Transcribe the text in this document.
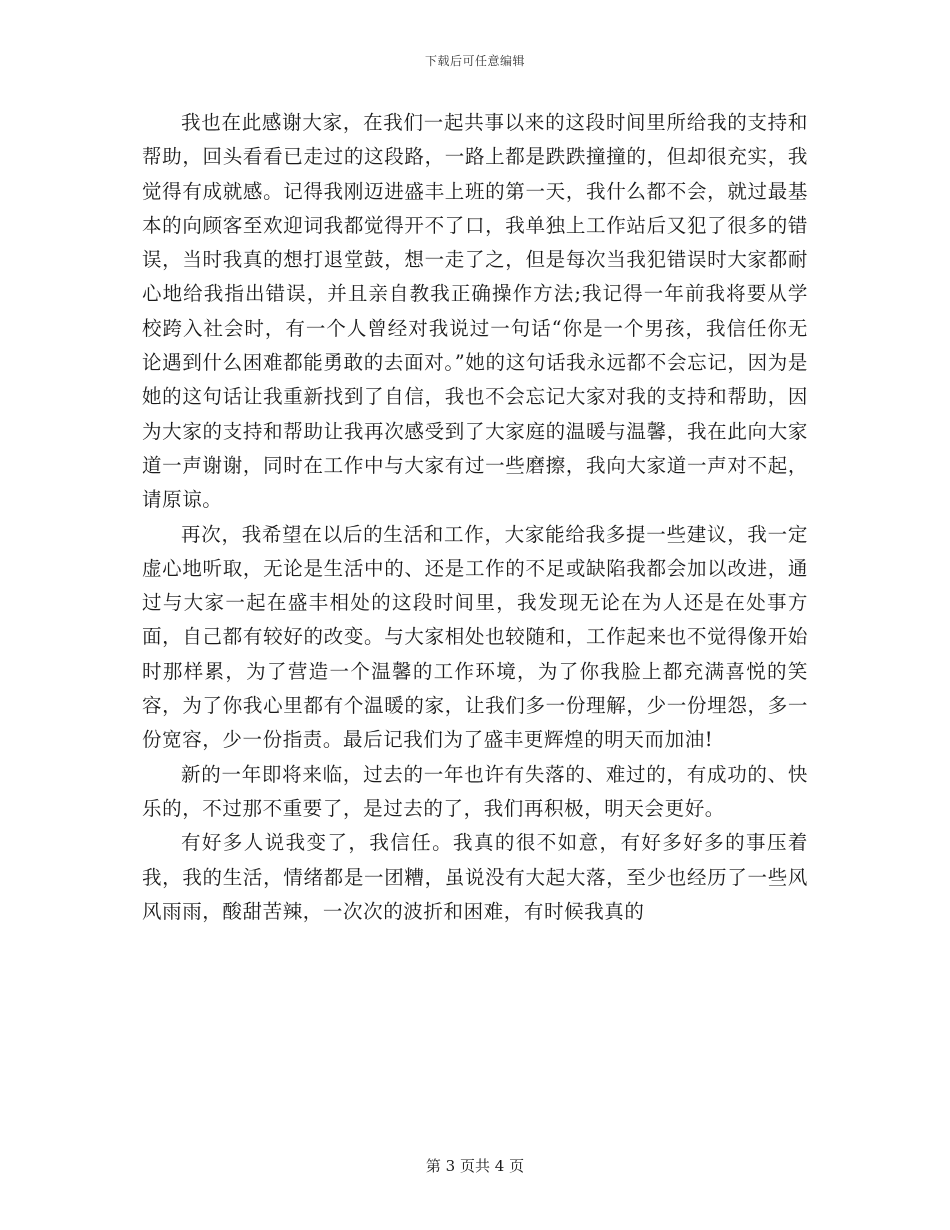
下载后可任意编辑

我也在此感谢大家，在我们一起共事以来的这段时间里所给我的支持和帮助，回头看看已走过的这段路，一路上都是跌跌撞撞的，但却很充实，我觉得有成就感。记得我刚迈进盛丰上班的第一天，我什么都不会，就过最基本的向顾客至欢迎词我都觉得开不了口，我单独上工作站后又犯了很多的错误，当时我真的想打退堂鼓，想一走了之，但是每次当我犯错误时大家都耐心地给我指出错误，并且亲自教我正确操作方法;我记得一年前我将要从学校跨入社会时，有一个人曾经对我说过一句话“你是一个男孩，我信任你无论遇到什么困难都能勇敢的去面对。”她的这句话我永远都不会忘记，因为是她的这句话让我重新找到了自信，我也不会忘记大家对我的支持和帮助，因为大家的支持和帮助让我再次感受到了大家庭的温暖与温馨，我在此向大家道一声谢谢，同时在工作中与大家有过一些磨擦，我向大家道一声对不起，请原谅。

再次，我希望在以后的生活和工作，大家能给我多提一些建议，我一定虚心地听取，无论是生活中的、还是工作的不足或缺陷我都会加以改进，通过与大家一起在盛丰相处的这段时间里，我发现无论在为人还是在处事方面，自己都有较好的改变。与大家相处也较随和，工作起来也不觉得像开始时那样累，为了营造一个温馨的工作环境，为了你我脸上都充满喜悦的笑容，为了你我心里都有个温暖的家，让我们多一份理解，少一份埋怨，多一份宽容，少一份指责。最后记我们为了盛丰更辉煌的明天而加油!

新的一年即将来临，过去的一年也许有失落的、难过的，有成功的、快乐的，不过那不重要了，是过去的了，我们再积极，明天会更好。

有好多人说我变了，我信任。我真的很不如意，有好多好多的事压着我，我的生活，情绪都是一团糟，虽说没有大起大落，至少也经历了一些风风雨雨，酸甜苦辣，一次次的波折和困难，有时候我真的

第 3 页共 4 页
